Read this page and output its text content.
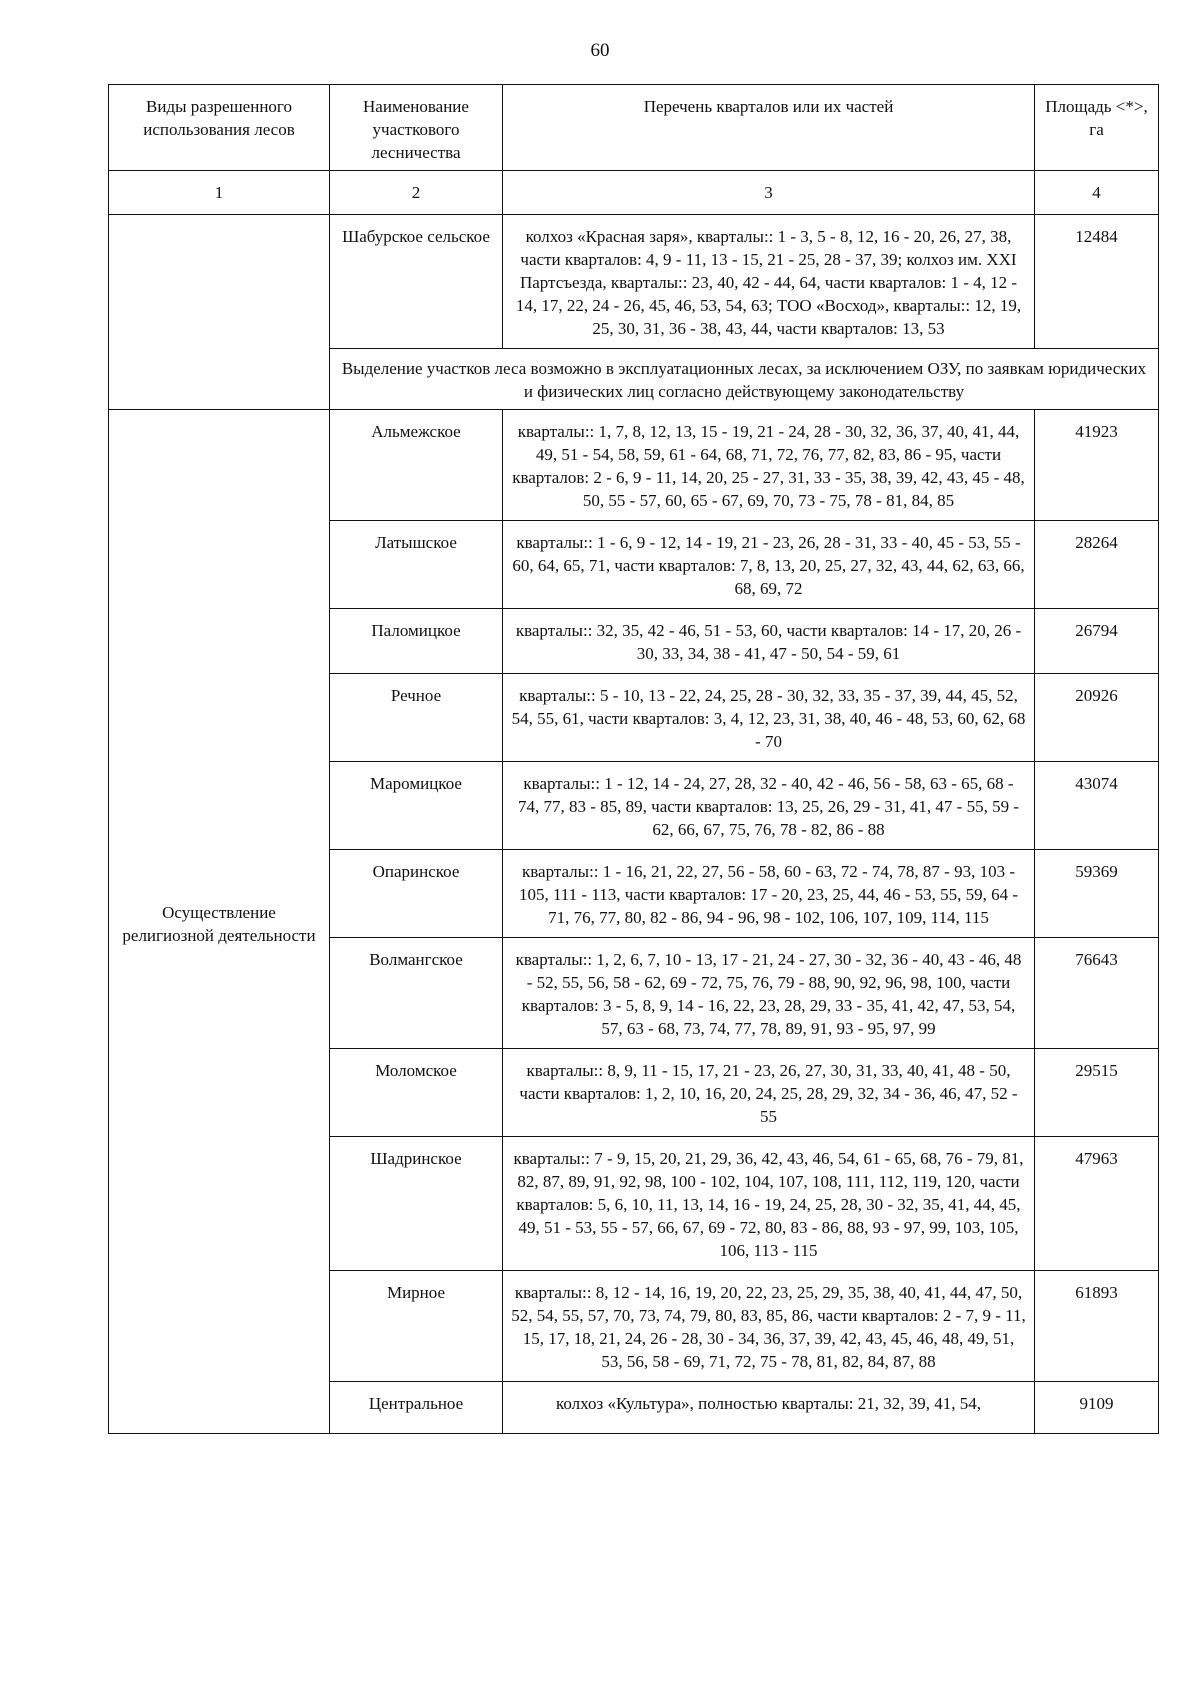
60
Виды разрешенного использования лесов	Наименование участкового лесничества	Перечень кварталов или их частей	Площадь <*>, га
1	2	3	4
	Шабурское сельское	колхоз «Красная заря», кварталы:: 1 - 3, 5 - 8, 12, 16 - 20, 26, 27, 38, части кварталов: 4, 9 - 11, 13 - 15, 21 - 25, 28 - 37, 39; колхоз им. XXI Партсъезда, кварталы:: 23, 40, 42 - 44, 64, части кварталов: 1 - 4, 12 - 14, 17, 22, 24 - 26, 45, 46, 53, 54, 63; ТОО «Восход», кварталы:: 12, 19, 25, 30, 31, 36 - 38, 43, 44, части кварталов: 13, 53	12484
	Выделение участков леса возможно в эксплуатационных лесах, за исключением ОЗУ, по заявкам юридических и физических лиц согласно действующему законодательству		
Осуществление религиозной деятельности	Альмежское	кварталы:: 1, 7, 8, 12, 13, 15 - 19, 21 - 24, 28 - 30, 32, 36, 37, 40, 41, 44, 49, 51 - 54, 58, 59, 61 - 64, 68, 71, 72, 76, 77, 82, 83, 86 - 95, части кварталов: 2 - 6, 9 - 11, 14, 20, 25 - 27, 31, 33 - 35, 38, 39, 42, 43, 45 - 48, 50, 55 - 57, 60, 65 - 67, 69, 70, 73 - 75, 78 - 81, 84, 85	41923
	Латышское	кварталы:: 1 - 6, 9 - 12, 14 - 19, 21 - 23, 26, 28 - 31, 33 - 40, 45 - 53, 55 - 60, 64, 65, 71, части кварталов: 7, 8, 13, 20, 25, 27, 32, 43, 44, 62, 63, 66, 68, 69, 72	28264
	Паломицкое	кварталы:: 32, 35, 42 - 46, 51 - 53, 60, части кварталов: 14 - 17, 20, 26 - 30, 33, 34, 38 - 41, 47 - 50, 54 - 59, 61	26794
	Речное	кварталы:: 5 - 10, 13 - 22, 24, 25, 28 - 30, 32, 33, 35 - 37, 39, 44, 45, 52, 54, 55, 61, части кварталов: 3, 4, 12, 23, 31, 38, 40, 46 - 48, 53, 60, 62, 68 - 70	20926
	Маромицкое	кварталы:: 1 - 12, 14 - 24, 27, 28, 32 - 40, 42 - 46, 56 - 58, 63 - 65, 68 - 74, 77, 83 - 85, 89, части кварталов: 13, 25, 26, 29 - 31, 41, 47 - 55, 59 - 62, 66, 67, 75, 76, 78 - 82, 86 - 88	43074
	Опаринское	кварталы:: 1 - 16, 21, 22, 27, 56 - 58, 60 - 63, 72 - 74, 78, 87 - 93, 103 - 105, 111 - 113, части кварталов: 17 - 20, 23, 25, 44, 46 - 53, 55, 59, 64 - 71, 76, 77, 80, 82 - 86, 94 - 96, 98 - 102, 106, 107, 109, 114, 115	59369
	Волмангское	кварталы:: 1, 2, 6, 7, 10 - 13, 17 - 21, 24 - 27, 30 - 32, 36 - 40, 43 - 46, 48 - 52, 55, 56, 58 - 62, 69 - 72, 75, 76, 79 - 88, 90, 92, 96, 98, 100, части кварталов: 3 - 5, 8, 9, 14 - 16, 22, 23, 28, 29, 33 - 35, 41, 42, 47, 53, 54, 57, 63 - 68, 73, 74, 77, 78, 89, 91, 93 - 95, 97, 99	76643
	Моломское	кварталы:: 8, 9, 11 - 15, 17, 21 - 23, 26, 27, 30, 31, 33, 40, 41, 48 - 50, части кварталов: 1, 2, 10, 16, 20, 24, 25, 28, 29, 32, 34 - 36, 46, 47, 52 - 55	29515
	Шадринское	кварталы:: 7 - 9, 15, 20, 21, 29, 36, 42, 43, 46, 54, 61 - 65, 68, 76 - 79, 81, 82, 87, 89, 91, 92, 98, 100 - 102, 104, 107, 108, 111, 112, 119, 120, части кварталов: 5, 6, 10, 11, 13, 14, 16 - 19, 24, 25, 28, 30 - 32, 35, 41, 44, 45, 49, 51 - 53, 55 - 57, 66, 67, 69 - 72, 80, 83 - 86, 88, 93 - 97, 99, 103, 105, 106, 113 - 115	47963
	Мирное	кварталы:: 8, 12 - 14, 16, 19, 20, 22, 23, 25, 29, 35, 38, 40, 41, 44, 47, 50, 52, 54, 55, 57, 70, 73, 74, 79, 80, 83, 85, 86, части кварталов: 2 - 7, 9 - 11, 15, 17, 18, 21, 24, 26 - 28, 30 - 34, 36, 37, 39, 42, 43, 45, 46, 48, 49, 51, 53, 56, 58 - 69, 71, 72, 75 - 78, 81, 82, 84, 87, 88	61893
	Центральное	колхоз «Культура», полностью кварталы: 21, 32, 39, 41, 54,	9109
